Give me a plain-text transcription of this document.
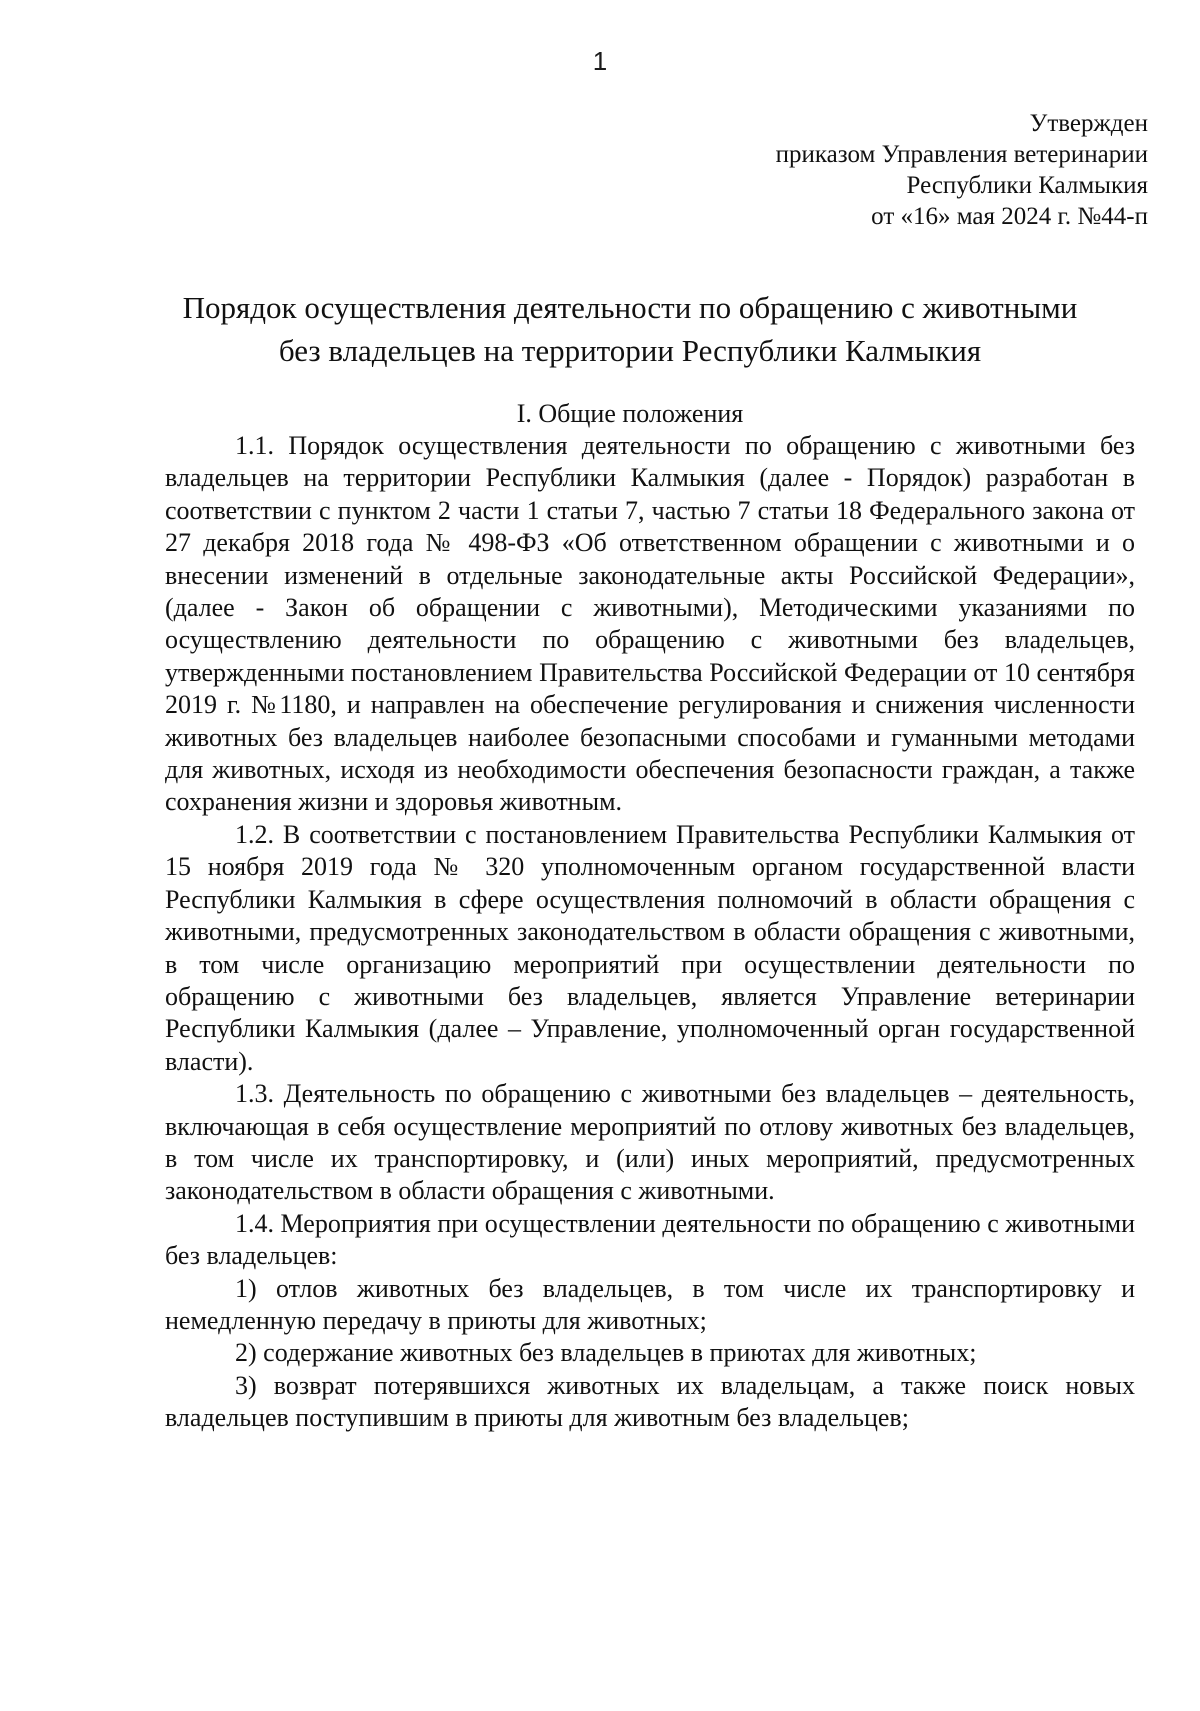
1
Утвержден
приказом Управления ветеринарии
Республики Калмыкия
от «16» мая 2024 г. №44-п
Порядок осуществления деятельности по обращению с животными
без владельцев на территории Республики Калмыкия
I. Общие положения

1.1. Порядок осуществления деятельности по обращению с животными без владельцев на территории Республики Калмыкия (далее - Порядок) разработан в соответствии с пунктом 2 части 1 статьи 7, частью 7 статьи 18 Федерального закона от 27 декабря 2018 года № 498-ФЗ «Об ответственном обращении с животными и о внесении изменений в отдельные законодательные акты Российской Федерации», (далее - Закон об обращении с животными), Методическими указаниями по осуществлению деятельности по обращению с животными без владельцев, утвержденными постановлением Правительства Российской Федерации от 10 сентября 2019 г. №1180, и направлен на обеспечение регулирования и снижения численности животных без владельцев наиболее безопасными способами и гуманными методами для животных, исходя из необходимости обеспечения безопасности граждан, а также сохранения жизни и здоровья животным.

1.2. В соответствии с постановлением Правительства Республики Калмыкия от 15 ноября 2019 года № 320 уполномоченным органом государственной власти Республики Калмыкия в сфере осуществления полномочий в области обращения с животными, предусмотренных законодательством в области обращения с животными, в том числе организацию мероприятий при осуществлении деятельности по обращению с животными без владельцев, является Управление ветеринарии Республики Калмыкия (далее – Управление, уполномоченный орган государственной власти).

1.3. Деятельность по обращению с животными без владельцев – деятельность, включающая в себя осуществление мероприятий по отлову животных без владельцев, в том числе их транспортировку, и (или) иных мероприятий, предусмотренных законодательством в области обращения с животными.

1.4. Мероприятия при осуществлении деятельности по обращению с животными без владельцев:

1) отлов животных без владельцев, в том числе их транспортировку и немедленную передачу в приюты для животных;

2) содержание животных без владельцев в приютах для животных;

3) возврат потерявшихся животных их владельцам, а также поиск новых владельцев поступившим в приюты для животным без владельцев;
